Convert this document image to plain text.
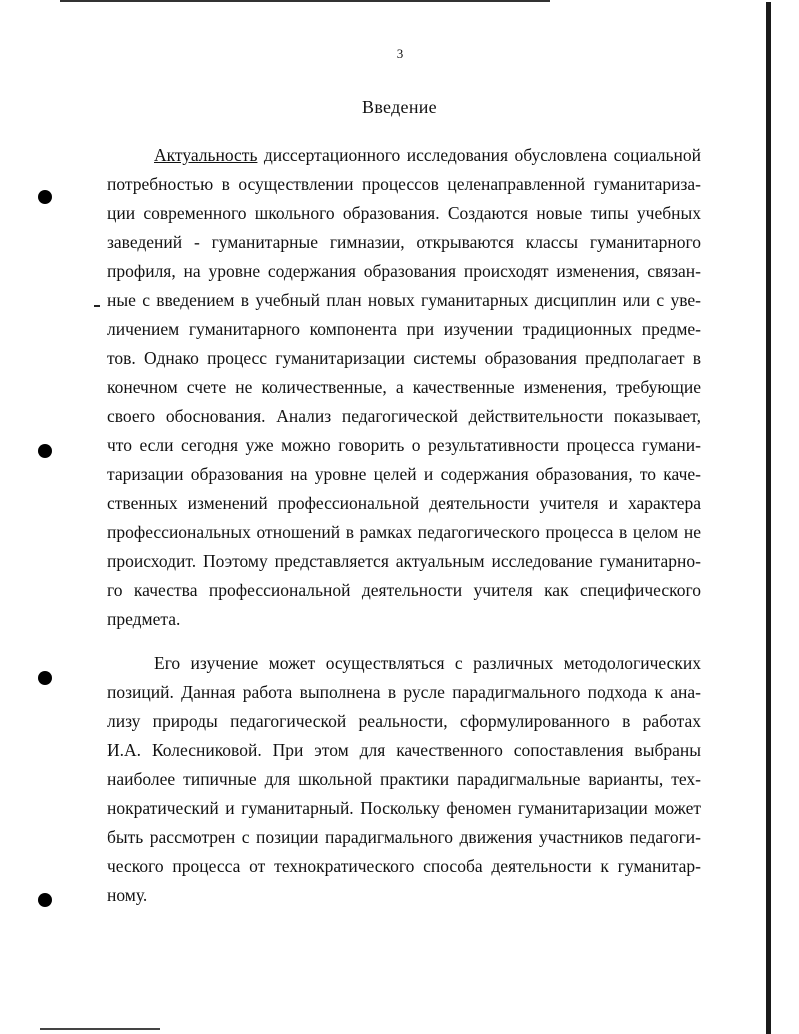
3
Введение
Актуальность диссертационного исследования обусловлена социальной
потребностью в осуществлении процессов целенаправленной гуманитариза-
ции современного школьного образования. Создаются новые типы учебных
заведений - гуманитарные гимназии, открываются классы гуманитарного
профиля, на уровне содержания образования происходят изменения, связан-
ные с введением в учебный план новых гуманитарных дисциплин или с уве-
личением гуманитарного компонента при изучении традиционных предме-
тов. Однако процесс гуманитаризации системы образования предполагает в
конечном счете не количественные, а качественные изменения, требующие
своего обоснования. Анализ педагогической действительности показывает,
что если сегодня уже можно говорить о результативности процесса гумани-
таризации образования на уровне целей и содержания образования, то каче-
ственных изменений профессиональной деятельности учителя и характера
профессиональных отношений в рамках педагогического процесса в целом не
происходит. Поэтому представляется актуальным исследование гуманитарно-
го качества профессиональной деятельности учителя как специфического
предмета.
Его изучение может осуществляться с различных методологических
позиций. Данная работа выполнена в русле парадигмального подхода к ана-
лизу природы педагогической реальности, сформулированного в работах
И.А. Колесниковой. При этом для качественного сопоставления выбраны
наиболее типичные для школьной практики парадигмальные варианты, тех-
нократический и гуманитарный. Поскольку феномен гуманитаризации может
быть рассмотрен с позиции парадигмального движения участников педагоги-
ческого процесса от технократического способа деятельности к гуманитар-
ному.
